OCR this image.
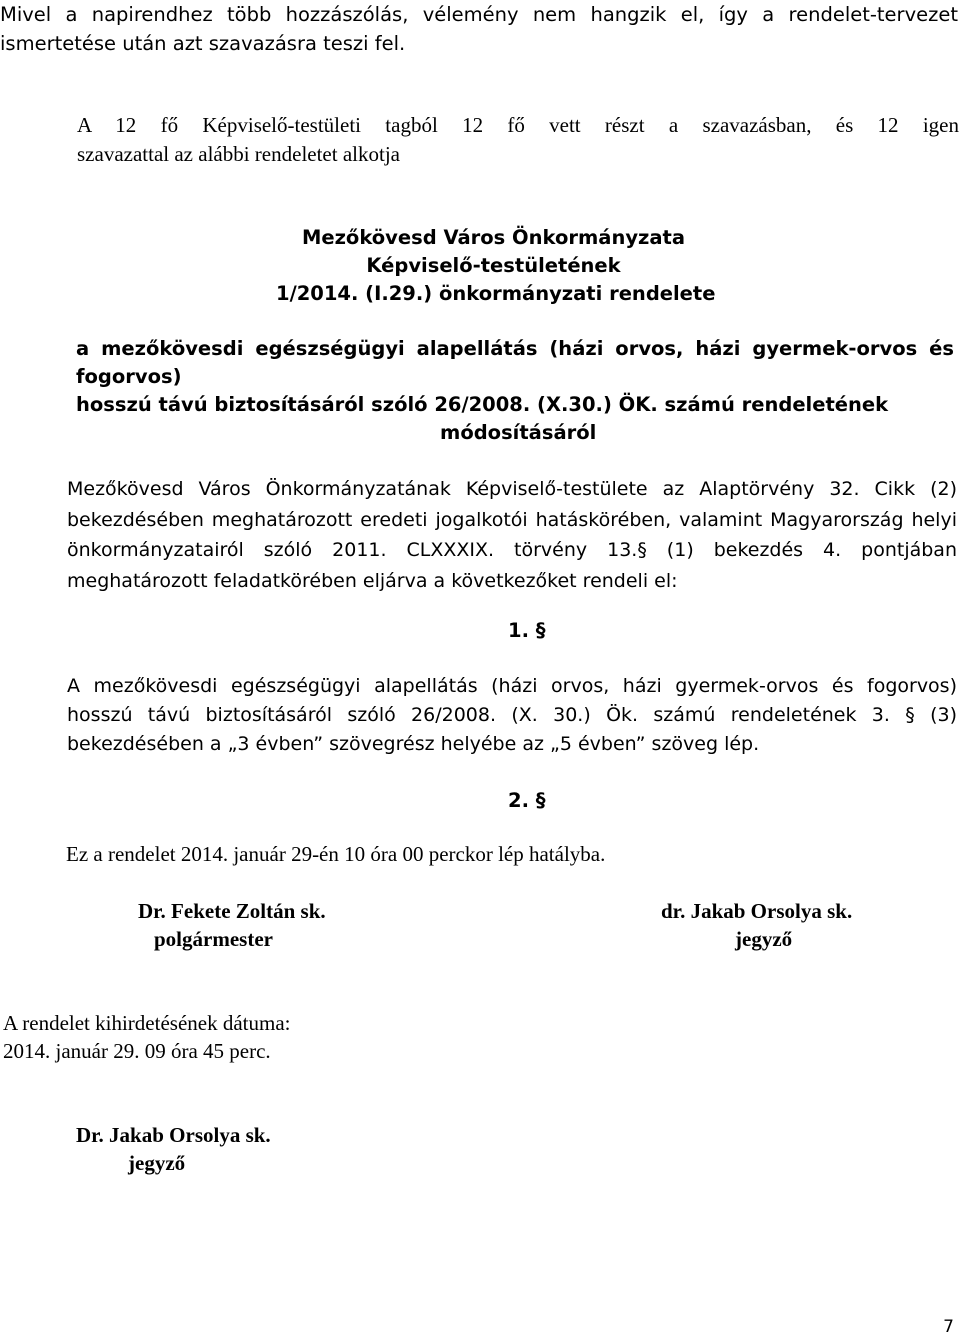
Mivel a napirendhez több hozzászólás, vélemény nem hangzik el, így a rendelet-tervezet
ismertetése után azt szavazásra teszi fel.
A 12 fő Képviselő-testületi tagból 12 fő vett részt a szavazásban, és 12 igen
szavazattal az alábbi rendeletet alkotja
Mezőkövesd Város Önkormányzata
Képviselő-testületének
1/2014. (I.29.) önkormányzati rendelete
a mezőkövesdi egészségügyi alapellátás (házi orvos, házi gyermek-orvos és fogorvos)
hosszú távú biztosításáról szóló 26/2008. (X.30.) ÖK. számú rendeletének
módosításáról
Mezőkövesd Város Önkormányzatának Képviselő-testülete az Alaptörvény 32. Cikk (2)
bekezdésében meghatározott eredeti jogalkotói hatáskörében, valamint Magyarország helyi
önkormányzatairól szóló 2011. CLXXXIX. törvény 13.§ (1) bekezdés 4. pontjában
meghatározott feladatkörében eljárva a következőket rendeli el:
1. §
A mezőkövesdi egészségügyi alapellátás (házi orvos, házi gyermek-orvos és fogorvos)
hosszú távú biztosításáról szóló 26/2008. (X. 30.) Ök. számú rendeletének 3. § (3)
bekezdésében a „3 évben” szövegrész helyébe az „5 évben” szöveg lép.
2. §
Ez a rendelet 2014. január 29-én 10 óra 00 perckor lép hatályba.
Dr. Fekete Zoltán sk.
polgármester
dr. Jakab Orsolya sk.
jegyző
A rendelet kihirdetésének dátuma:
2014. január 29. 09 óra 45 perc.
Dr. Jakab Orsolya sk.
jegyző
7
